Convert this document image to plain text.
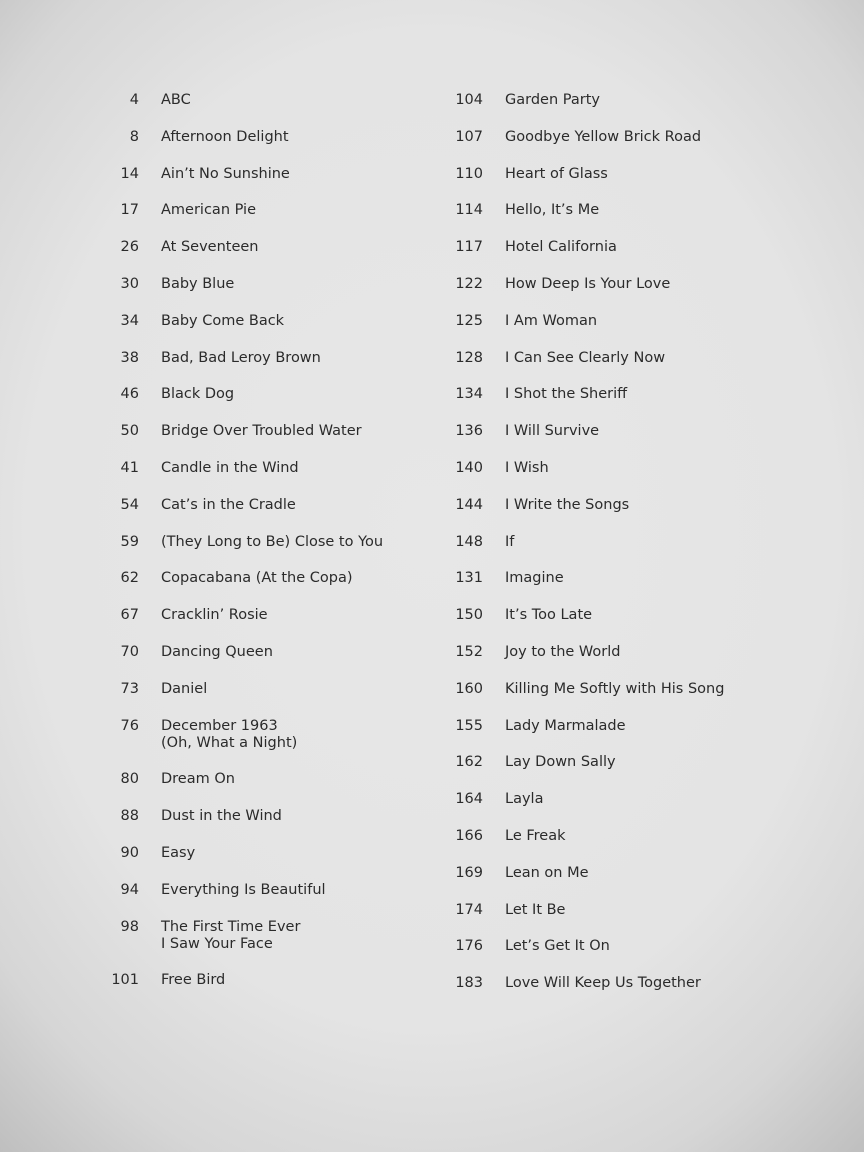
4 ABC
8 Afternoon Delight
14 Ain’t No Sunshine
17 American Pie
26 At Seventeen
30 Baby Blue
34 Baby Come Back
38 Bad, Bad Leroy Brown
46 Black Dog
50 Bridge Over Troubled Water
41 Candle in the Wind
54 Cat’s in the Cradle
59 (They Long to Be) Close to You
62 Copacabana (At the Copa)
67 Cracklin’ Rosie
70 Dancing Queen
73 Daniel
76 December 1963
(Oh, What a Night)
80 Dream On
88 Dust in the Wind
90 Easy
94 Everything Is Beautiful
98 The First Time Ever
I Saw Your Face
101 Free Bird
104 Garden Party
107 Goodbye Yellow Brick Road
110 Heart of Glass
114 Hello, It’s Me
117 Hotel California
122 How Deep Is Your Love
125 I Am Woman
128 I Can See Clearly Now
134 I Shot the Sheriff
136 I Will Survive
140 I Wish
144 I Write the Songs
148 If
131 Imagine
150 It’s Too Late
152 Joy to the World
160 Killing Me Softly with His Song
155 Lady Marmalade
162 Lay Down Sally
164 Layla
166 Le Freak
169 Lean on Me
174 Let It Be
176 Let’s Get It On
183 Love Will Keep Us Together
